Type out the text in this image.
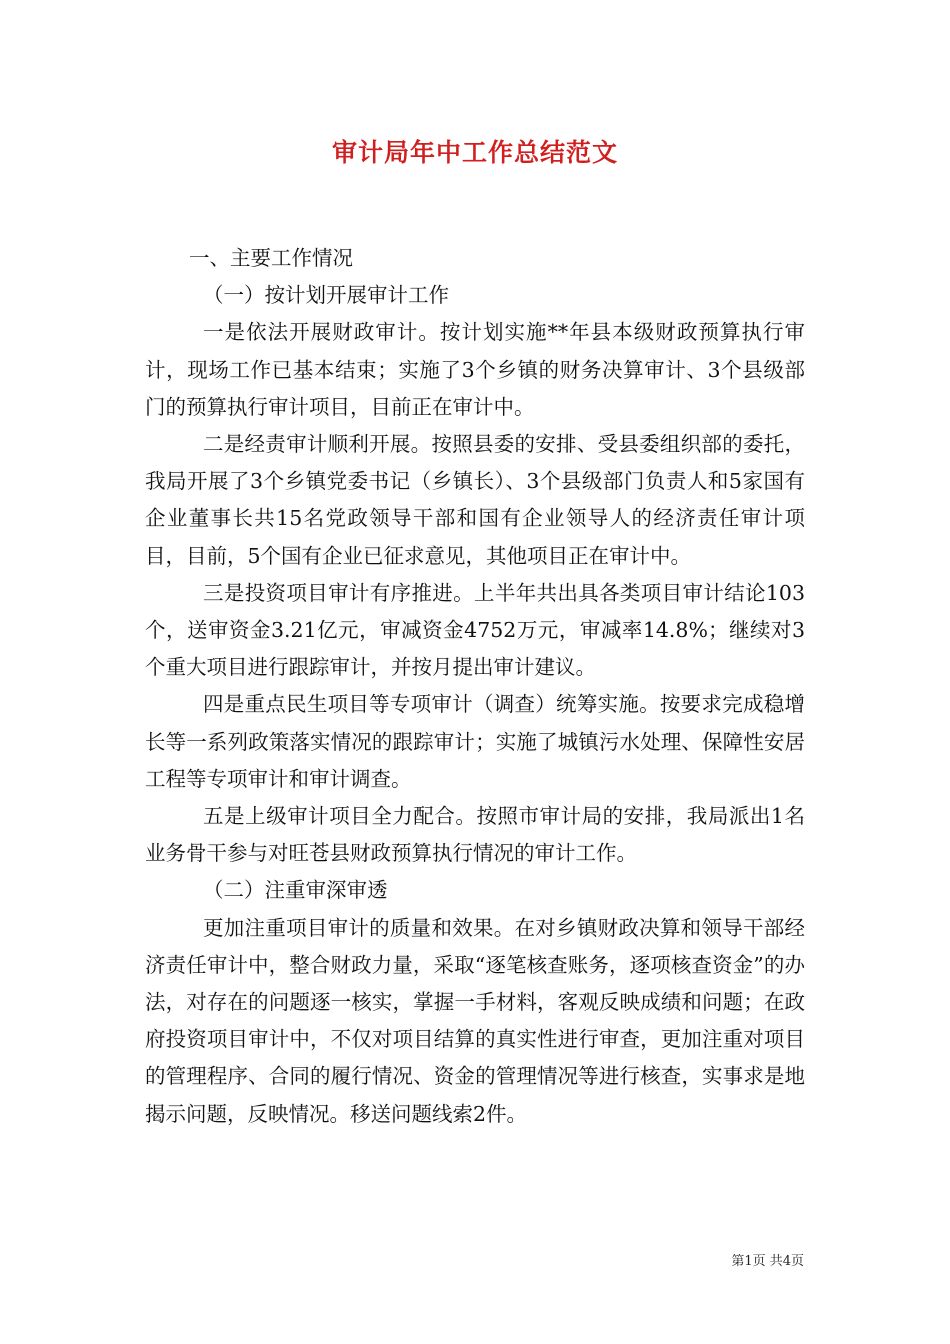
审计局年中工作总结范文

一、主要工作情况

（一）按计划开展审计工作

一是依法开展财政审计。按计划实施**年县本级财政预算执行审计，现场工作已基本结束；实施了3个乡镇的财务决算审计、3个县级部门的预算执行审计项目，目前正在审计中。

二是经责审计顺利开展。按照县委的安排、受县委组织部的委托，我局开展了3个乡镇党委书记（乡镇长）、3个县级部门负责人和5家国有企业董事长共15名党政领导干部和国有企业领导人的经济责任审计项目，目前，5个国有企业已征求意见，其他项目正在审计中。

三是投资项目审计有序推进。上半年共出具各类项目审计结论103个，送审资金3.21亿元，审减资金4752万元，审减率14.8%；继续对3个重大项目进行跟踪审计，并按月提出审计建议。

四是重点民生项目等专项审计（调查）统筹实施。按要求完成稳增长等一系列政策落实情况的跟踪审计；实施了城镇污水处理、保障性安居工程等专项审计和审计调查。

五是上级审计项目全力配合。按照市审计局的安排，我局派出1名业务骨干参与对旺苍县财政预算执行情况的审计工作。

（二）注重审深审透

更加注重项目审计的质量和效果。在对乡镇财政决算和领导干部经济责任审计中，整合财政力量，采取“逐笔核查账务，逐项核查资金”的办法，对存在的问题逐一核实，掌握一手材料，客观反映成绩和问题；在政府投资项目审计中，不仅对项目结算的真实性进行审查，更加注重对项目的管理程序、合同的履行情况、资金的管理情况等进行核查，实事求是地揭示问题，反映情况。移送问题线索2件。

第1页 共4页
